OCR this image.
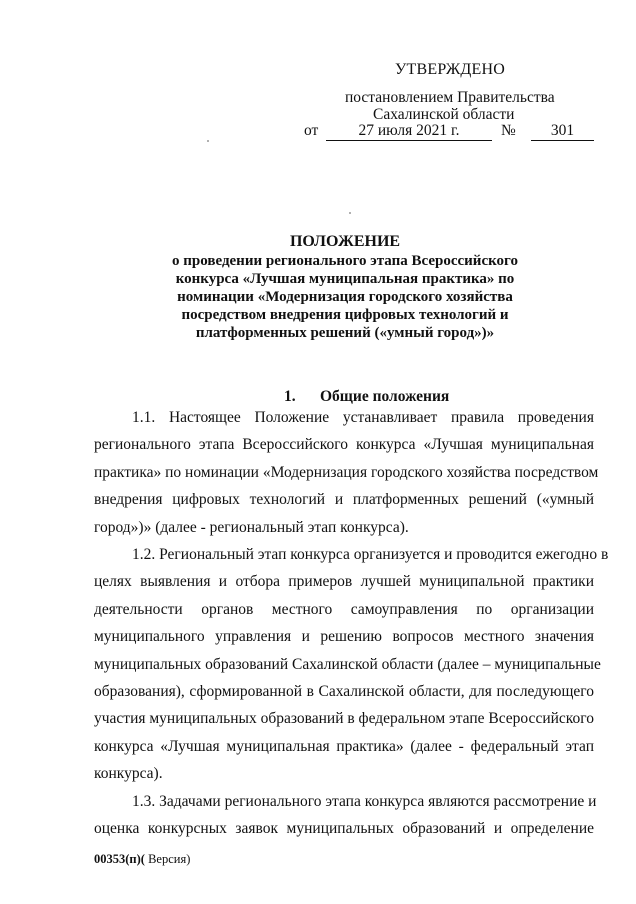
УТВЕРЖДЕНО
постановлением Правительства
Сахалинской области
от	27 июля 2021 г.	№	301
ПОЛОЖЕНИЕ
о проведении регионального этапа Всероссийского
конкурса «Лучшая муниципальная практика» по
номинации «Модернизация городского хозяйства
посредством внедрения цифровых технологий и
платформенных решений («умный город»)»
1. Общие положения
1.1. Настоящее Положение устанавливает правила проведения
регионального этапа Всероссийского конкурса «Лучшая муниципальная
практика» по номинации «Модернизация городского хозяйства посредством
внедрения цифровых технологий и платформенных решений («умный
город»)» (далее - региональный этап конкурса).
1.2. Региональный этап конкурса организуется и проводится ежегодно в
целях выявления и отбора примеров лучшей муниципальной практики
деятельности органов местного самоуправления по организации
муниципального управления и решению вопросов местного значения
муниципальных образований Сахалинской области (далее – муниципальные
образования), сформированной в Сахалинской области, для последующего
участия муниципальных образований в федеральном этапе Всероссийского
конкурса «Лучшая муниципальная практика» (далее - федеральный этап
конкурса).
1.3. Задачами регионального этапа конкурса являются рассмотрение и
оценка конкурсных заявок муниципальных образований и определение
00353(п)( Версия)
